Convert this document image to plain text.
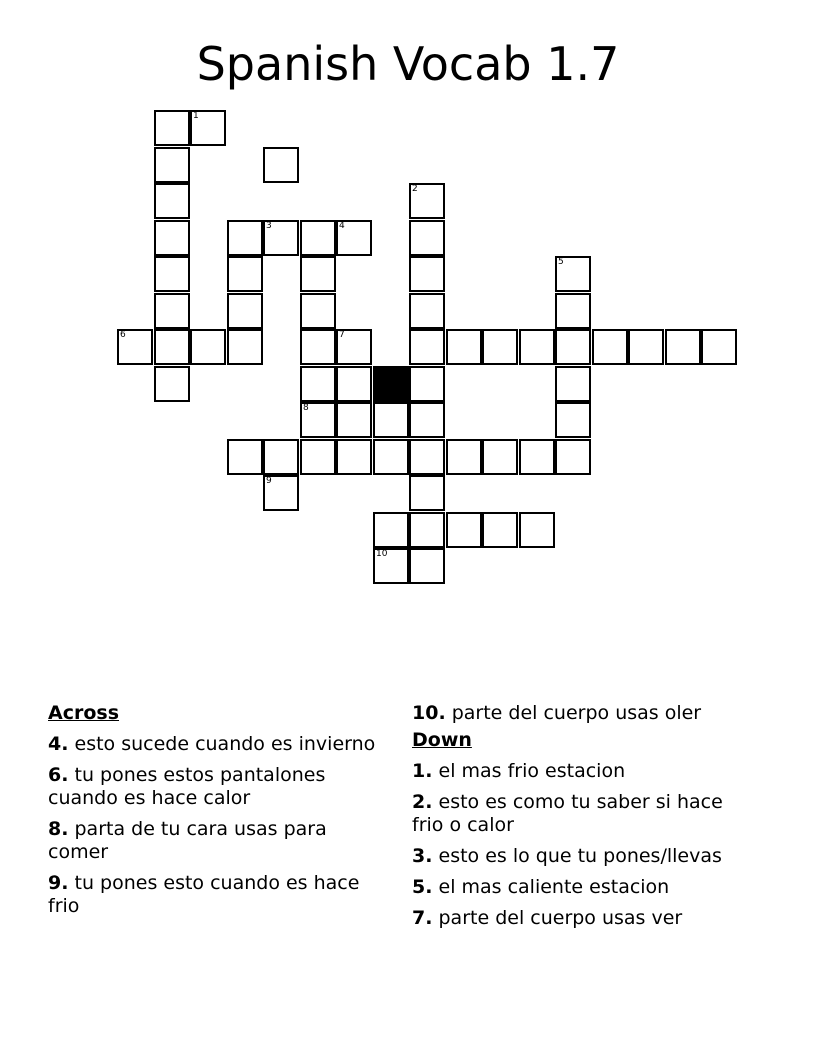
Spanish Vocab 1.7
3
2
5
6	7
8
1
4
9
10
Across
4. esto sucede cuando es invierno
6. tu pones estos pantalones cuando es hace calor
8. parta de tu cara usas para comer
9. tu pones esto cuando es hace frio
10. parte del cuerpo usas oler
Down
1. el mas frio estacion
2. esto es como tu saber si hace frio o calor
3. esto es lo que tu pones/llevas
5. el mas caliente estacion
7. parte del cuerpo usas ver
